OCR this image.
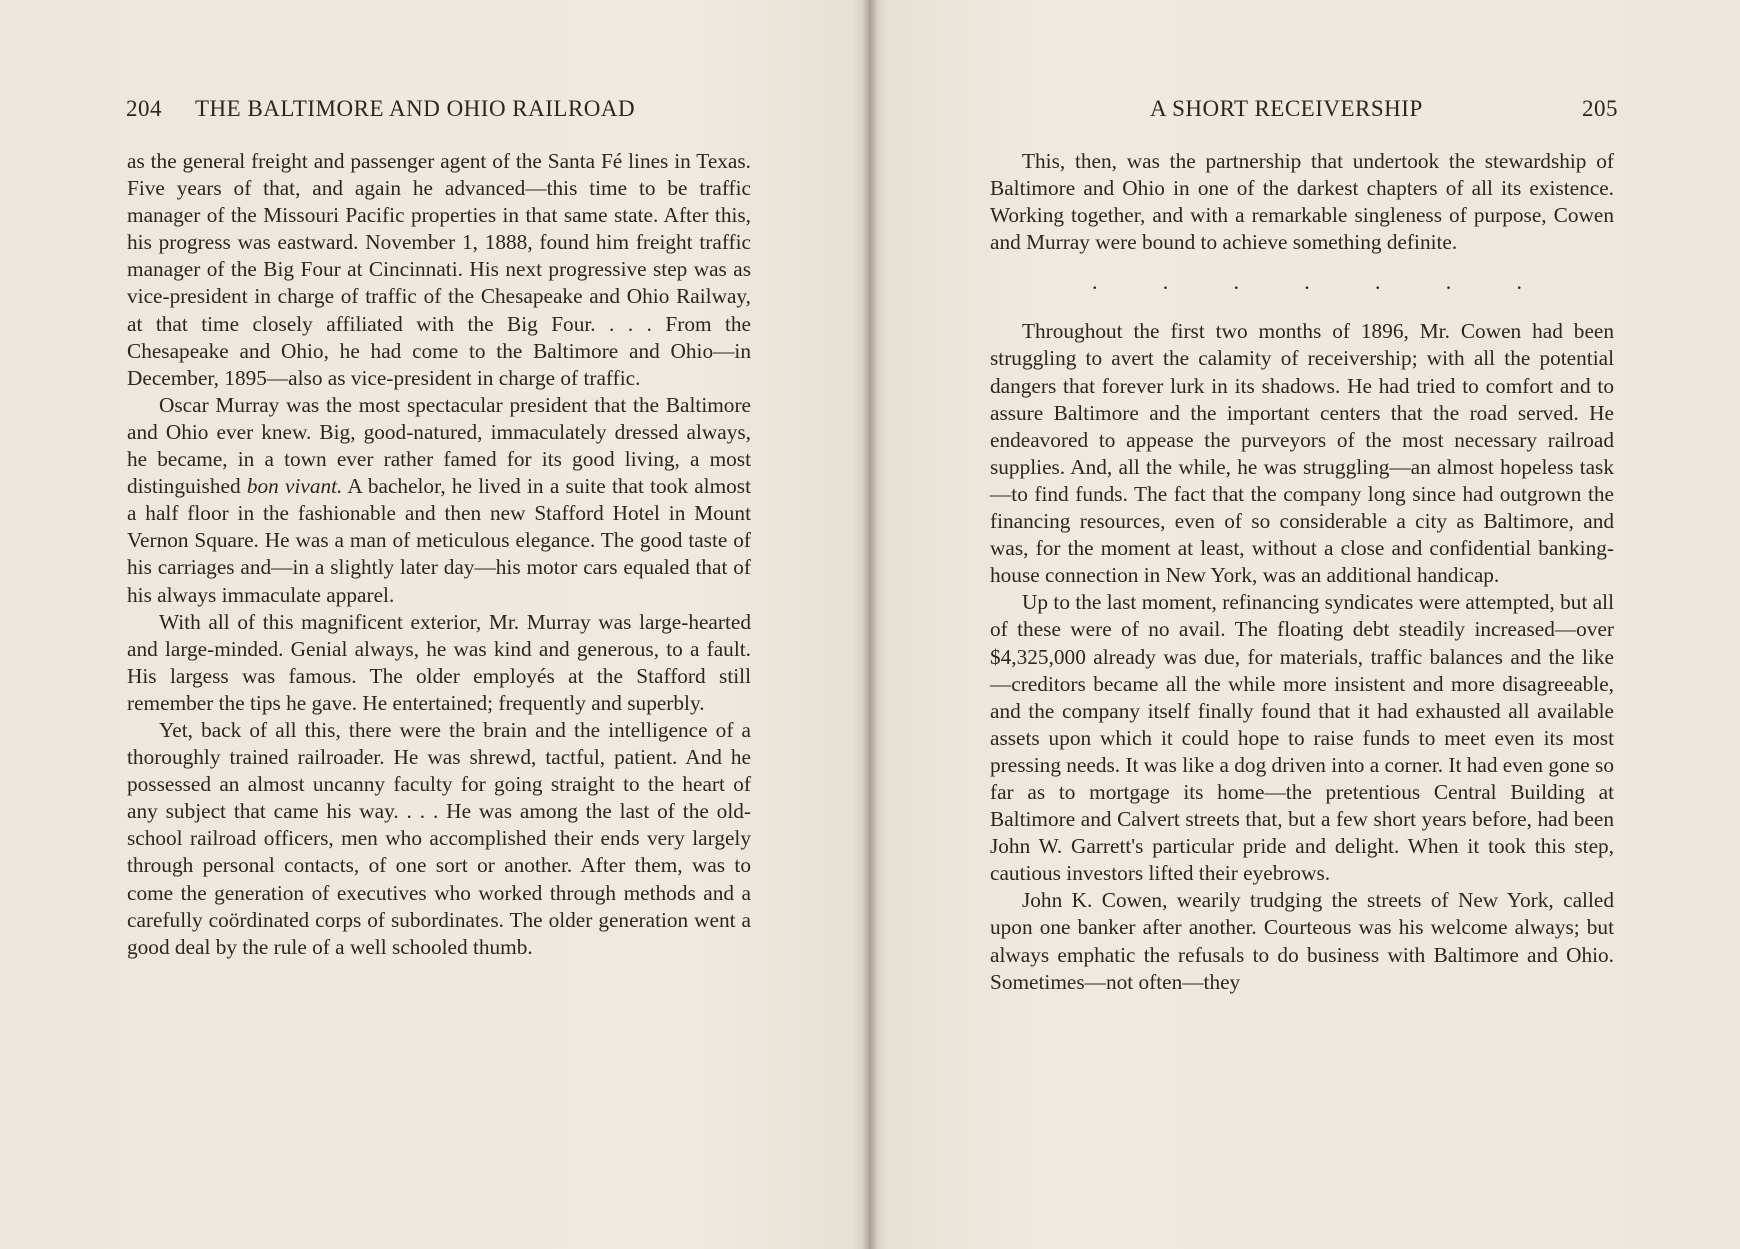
204 THE BALTIMORE AND OHIO RAILROAD

as the general freight and passenger agent of the Santa Fé lines in Texas. Five years of that, and again he advanced—this time to be traffic manager of the Missouri Pacific properties in that same state. After this, his progress was eastward. November 1, 1888, found him freight traffic manager of the Big Four at Cincinnati. His next progressive step was as vice-president in charge of traffic of the Chesapeake and Ohio Railway, at that time closely affiliated with the Big Four. . . . From the Chesapeake and Ohio, he had come to the Baltimore and Ohio—in December, 1895—also as vice-president in charge of traffic.

Oscar Murray was the most spectacular president that the Baltimore and Ohio ever knew. Big, good-natured, immaculately dressed always, he became, in a town ever rather famed for its good living, a most distinguished bon vivant. A bachelor, he lived in a suite that took almost a half floor in the fashionable and then new Stafford Hotel in Mount Vernon Square. He was a man of meticulous elegance. The good taste of his carriages and—in a slightly later day—his motor cars equaled that of his always immaculate apparel.

With all of this magnificent exterior, Mr. Murray was large-hearted and large-minded. Genial always, he was kind and generous, to a fault. His largess was famous. The older employés at the Stafford still remember the tips he gave. He entertained; frequently and superbly.

Yet, back of all this, there were the brain and the intelligence of a thoroughly trained railroader. He was shrewd, tactful, patient. And he possessed an almost uncanny faculty for going straight to the heart of any subject that came his way. . . . He was among the last of the old-school railroad officers, men who accomplished their ends very largely through personal contacts, of one sort or another. After them, was to come the generation of executives who worked through methods and a carefully coördinated corps of subordinates. The older generation went a good deal by the rule of a well schooled thumb.

A SHORT RECEIVERSHIP	205

This, then, was the partnership that undertook the stewardship of Baltimore and Ohio in one of the darkest chapters of all its existence. Working together, and with a remarkable singleness of purpose, Cowen and Murray were bound to achieve something definite.

.	.	.	.	.	.	.

Throughout the first two months of 1896, Mr. Cowen had been struggling to avert the calamity of receivership; with all the potential dangers that forever lurk in its shadows. He had tried to comfort and to assure Baltimore and the important centers that the road served. He endeavored to appease the purveyors of the most necessary railroad supplies. And, all the while, he was struggling—an almost hopeless task—to find funds. The fact that the company long since had outgrown the financing resources, even of so considerable a city as Baltimore, and was, for the moment at least, without a close and confidential banking-house connection in New York, was an additional handicap.

Up to the last moment, refinancing syndicates were attempted, but all of these were of no avail. The floating debt steadily increased—over $4,325,000 already was due, for materials, traffic balances and the like—creditors became all the while more insistent and more disagreeable, and the company itself finally found that it had exhausted all available assets upon which it could hope to raise funds to meet even its most pressing needs. It was like a dog driven into a corner. It had even gone so far as to mortgage its home—the pretentious Central Building at Baltimore and Calvert streets that, but a few short years before, had been John W. Garrett's particular pride and delight. When it took this step, cautious investors lifted their eyebrows.

John K. Cowen, wearily trudging the streets of New York, called upon one banker after another. Courteous was his welcome always; but always emphatic the refusals to do business with Baltimore and Ohio. Sometimes—not often—they
